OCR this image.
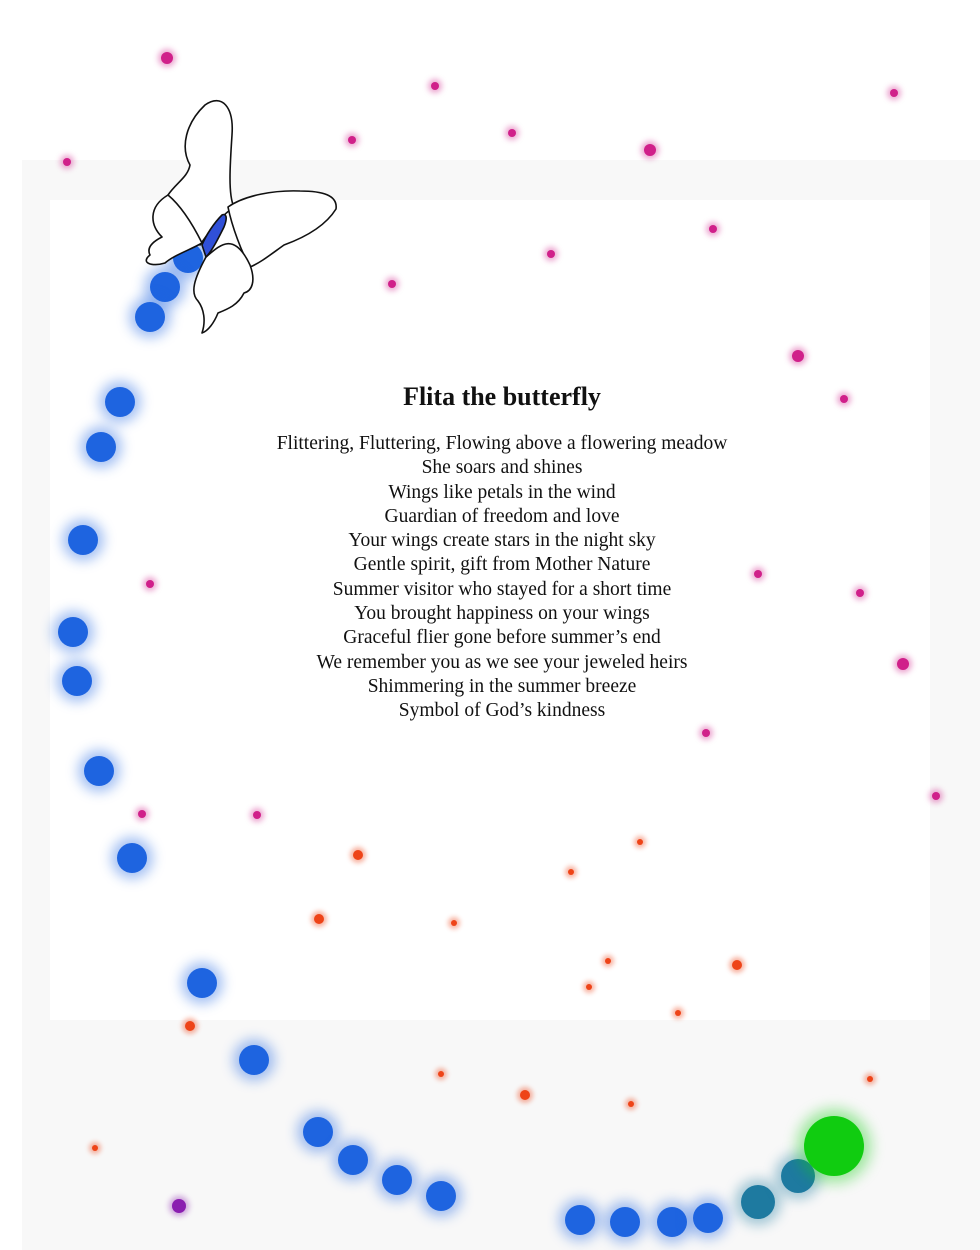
Flita the butterfly
Flittering, Fluttering, Flowing above a flowering meadow
She soars and shines
Wings like petals in the wind
Guardian of freedom and love
Your wings create stars in the night sky
Gentle spirit, gift from Mother Nature
Summer visitor who stayed for a short time
You brought happiness on your wings
Graceful flier gone before summer’s end
We remember you as we see your jeweled heirs
Shimmering in the summer breeze
Symbol of God’s kindness
